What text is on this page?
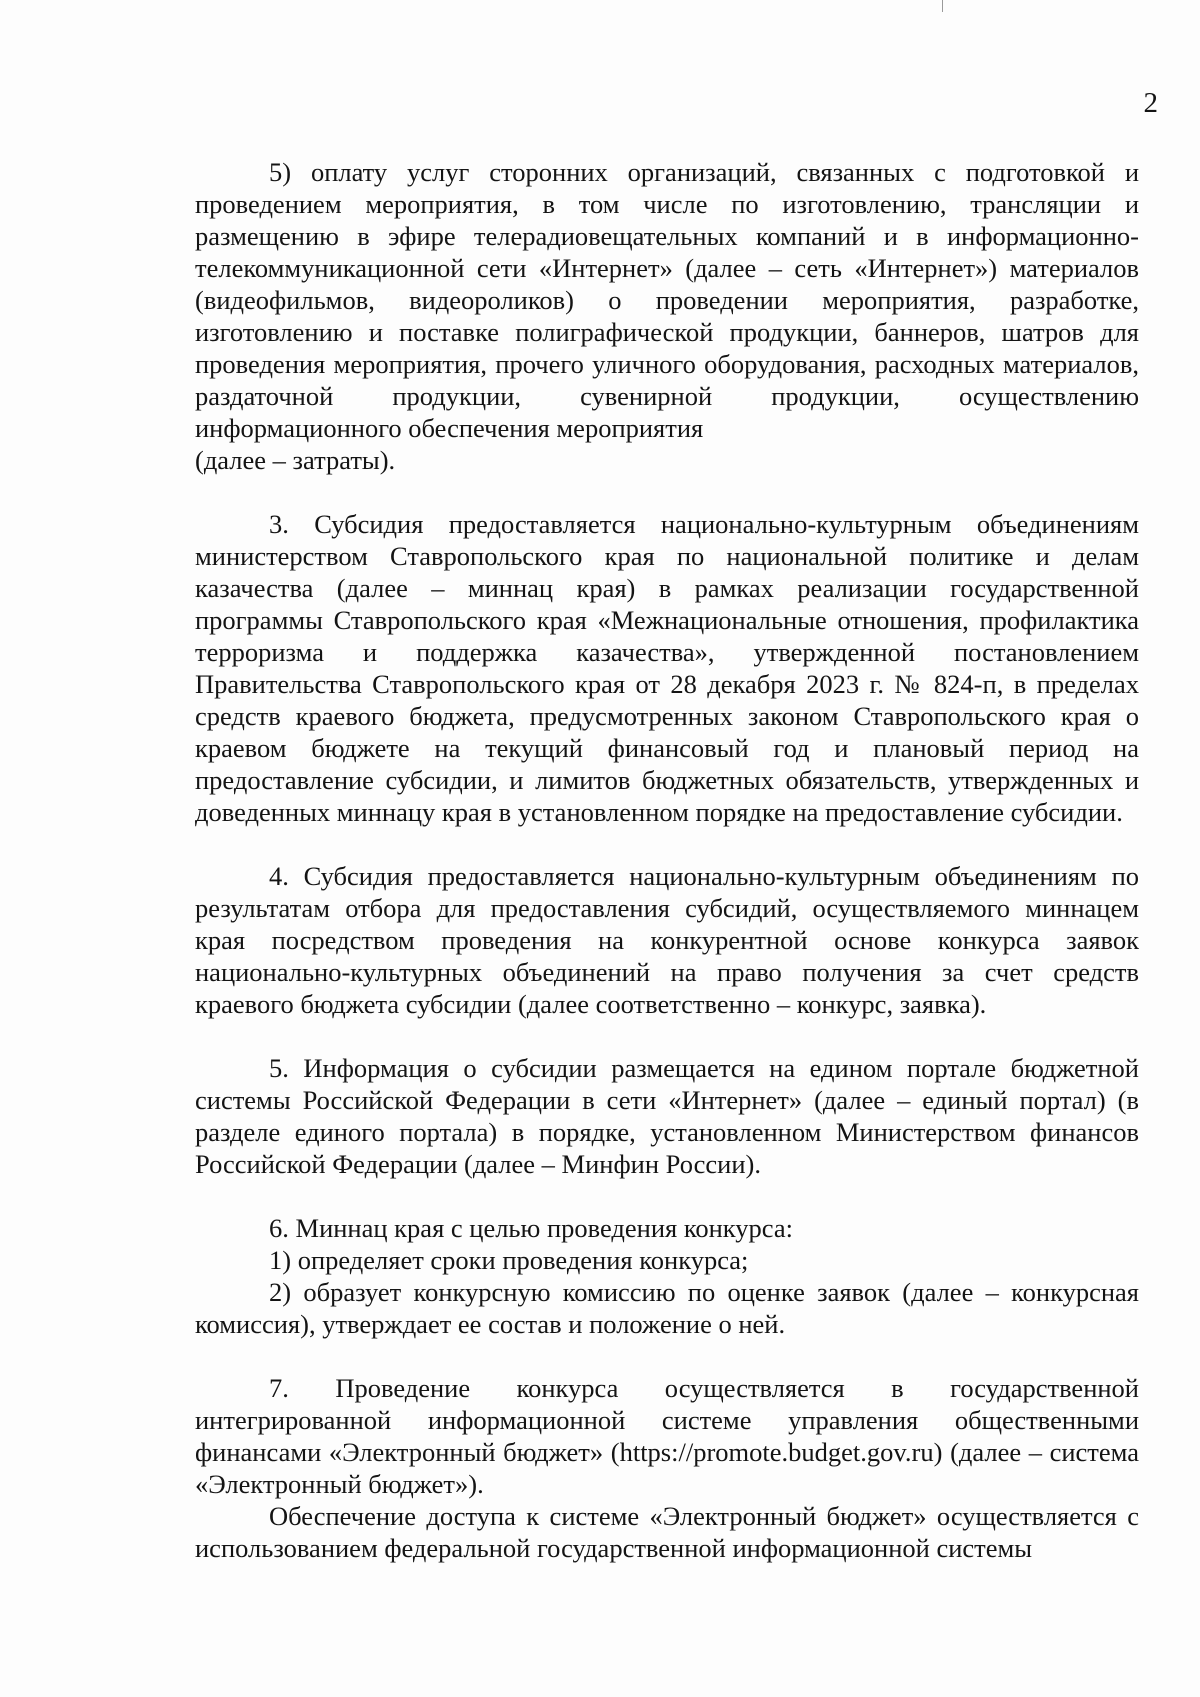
2

5) оплату услуг сторонних организаций, связанных с подготовкой и проведением мероприятия, в том числе по изготовлению, трансляции и размещению в эфире телерадиовещательных компаний и в информационно-телекоммуникационной сети «Интернет» (далее – сеть «Интернет») материалов (видеофильмов, видеороликов) о проведении мероприятия, разработке, изготовлению и поставке полиграфической продукции, баннеров, шатров для проведения мероприятия, прочего уличного оборудования, расходных материалов, раздаточной продукции, сувенирной продукции, осуществлению информационного обеспечения мероприятия

(далее – затраты).

3. Субсидия предоставляется национально-культурным объединениям министерством Ставропольского края по национальной политике и делам казачества (далее – миннац края) в рамках реализации государственной программы Ставропольского края «Межнациональные отношения, профилактика терроризма и поддержка казачества», утвержденной постановлением Правительства Ставропольского края от 28 декабря 2023 г. № 824-п, в пределах средств краевого бюджета, предусмотренных законом Ставропольского края о краевом бюджете на текущий финансовый год и плановый период на предоставление субсидии, и лимитов бюджетных обязательств, утвержденных и доведенных миннацу края в установленном порядке на предоставление субсидии.

4. Субсидия предоставляется национально-культурным объединениям по результатам отбора для предоставления субсидий, осуществляемого миннацем края посредством проведения на конкурентной основе конкурса заявок национально-культурных объединений на право получения за счет средств краевого бюджета субсидии (далее соответственно – конкурс, заявка).

5. Информация о субсидии размещается на едином портале бюджетной системы Российской Федерации в сети «Интернет» (далее – единый портал) (в разделе единого портала) в порядке, установленном Министерством финансов Российской Федерации (далее – Минфин России).

6. Миннац края с целью проведения конкурса:

1) определяет сроки проведения конкурса;

2) образует конкурсную комиссию по оценке заявок (далее – конкурсная комиссия), утверждает ее состав и положение о ней.

7. Проведение конкурса осуществляется в государственной интегрированной информационной системе управления общественными финансами «Электронный бюджет» (https://promote.budget.gov.ru) (далее – система «Электронный бюджет»).

Обеспечение доступа к системе «Электронный бюджет» осуществляется с использованием федеральной государственной информационной системы
